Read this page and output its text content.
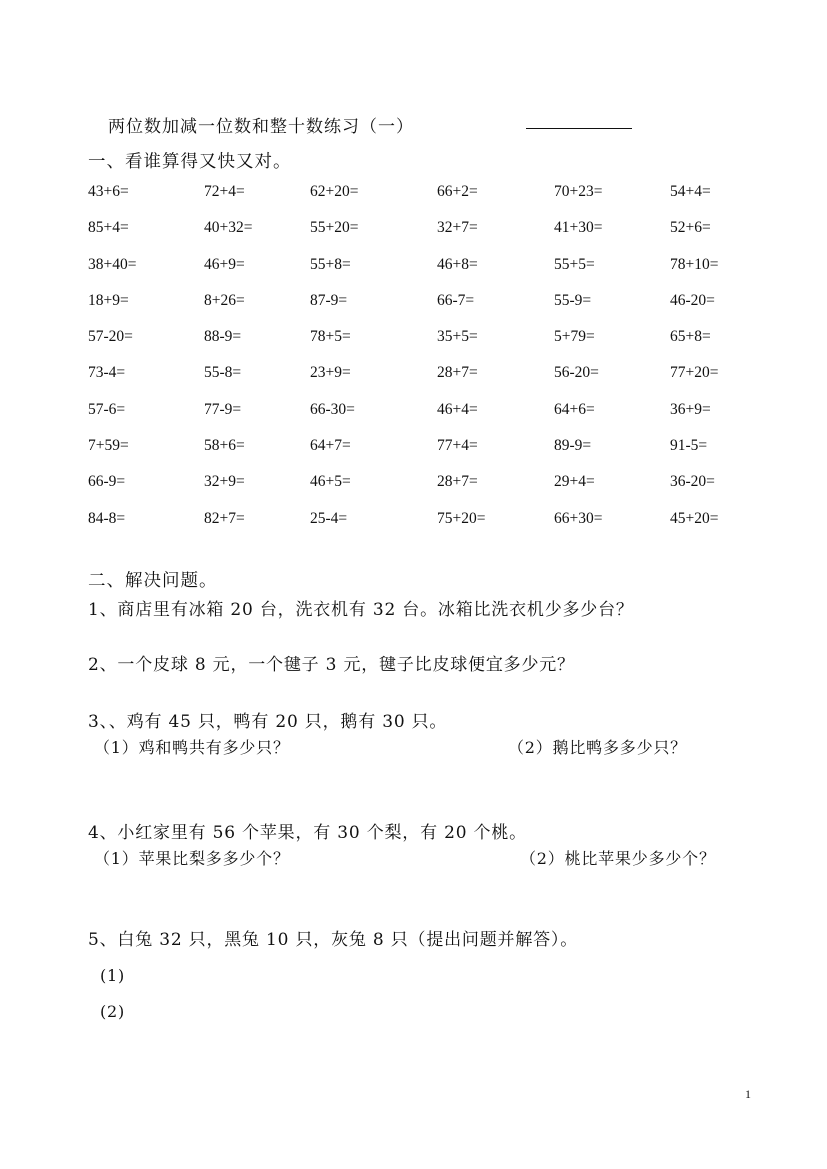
两位数加减一位数和整十数练习（一）
一、看谁算得又快又对。
43+6=	72+4=	62+20=	66+2=	70+23=	54+4=
85+4=	40+32=	55+20=	32+7=	41+30=	52+6=
38+40=	46+9=	55+8=	46+8=	55+5=	78+10=
18+9=	8+26=	87-9=	66-7=	55-9=	46-20=
57-20=	88-9=	78+5=	35+5=	5+79=	65+8=
73-4=	55-8=	23+9=	28+7=	56-20=	77+20=
57-6=	77-9=	66-30=	46+4=	64+6=	36+9=
7+59=	58+6=	64+7=	77+4=	89-9=	91-5=
66-9=	32+9=	46+5=	28+7=	29+4=	36-20=
84-8=	82+7=	25-4=	75+20=	66+30=	45+20=
二、解决问题。
1、商店里有冰箱 20 台，洗衣机有 32 台。冰箱比洗衣机少多少台？
2、一个皮球 8 元，一个毽子 3 元，毽子比皮球便宜多少元？
3、、鸡有 45 只，鸭有 20 只，鹅有 30 只。
（1）鸡和鸭共有多少只？	（2）鹅比鸭多多少只？
4、小红家里有 56 个苹果，有 30 个梨，有 20 个桃。
（1）苹果比梨多多少个？	（2）桃比苹果少多少个？
5、白兔 32 只，黑兔 10 只，灰兔 8 只（提出问题并解答）。
(1)
(2)
1
